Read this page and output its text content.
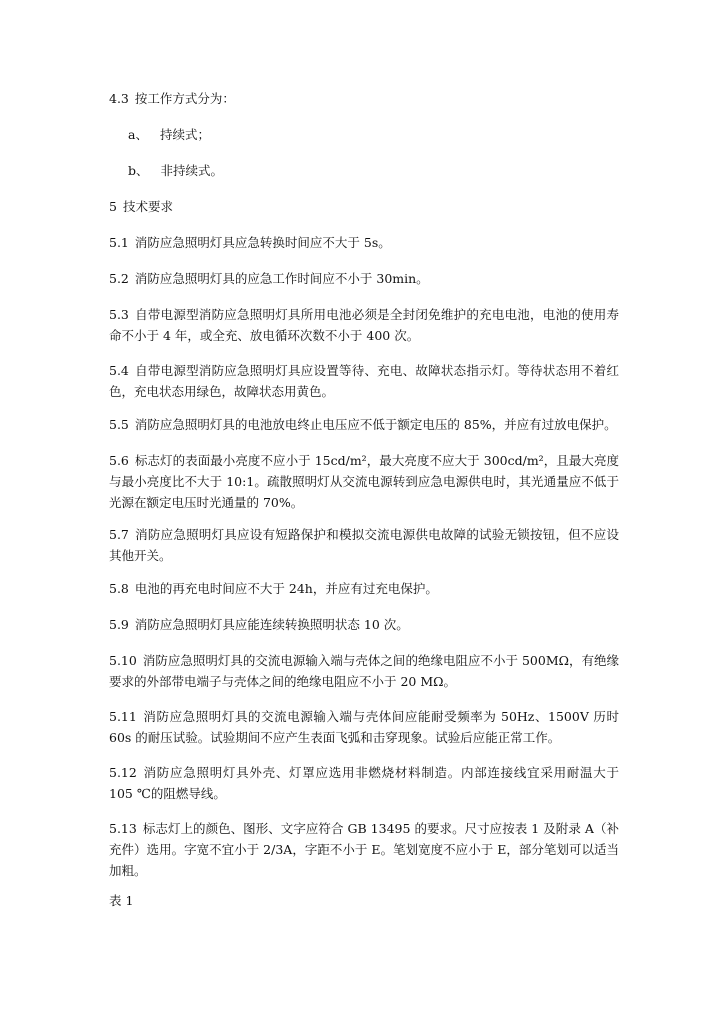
4.3 按工作方式分为：
a、 持续式；
b、 非持续式。
5 技术要求
5.1 消防应急照明灯具应急转换时间应不大于 5s。
5.2 消防应急照明灯具的应急工作时间应不小于 30min。
5.3 自带电源型消防应急照明灯具所用电池必须是全封闭免维护的充电电池，电池的使用寿命不小于 4 年，或全充、放电循环次数不小于 400 次。
5.4 自带电源型消防应急照明灯具应设置等待、充电、故障状态指示灯。等待状态用不着红色，充电状态用绿色，故障状态用黄色。
5.5 消防应急照明灯具的电池放电终止电压应不低于额定电压的 85%，并应有过放电保护。
5.6 标志灯的表面最小亮度不应小于 15cd/m²，最大亮度不应大于 300cd/m²，且最大亮度与最小亮度比不大于 10:1。疏散照明灯从交流电源转到应急电源供电时，其光通量应不低于光源在额定电压时光通量的 70%。
5.7 消防应急照明灯具应设有短路保护和模拟交流电源供电故障的试验无锁按钮，但不应设其他开关。
5.8 电池的再充电时间应不大于 24h，并应有过充电保护。
5.9 消防应急照明灯具应能连续转换照明状态 10 次。
5.10 消防应急照明灯具的交流电源输入端与壳体之间的绝缘电阻应不小于 500MΩ，有绝缘要求的外部带电端子与壳体之间的绝缘电阻应不小于 20 MΩ。
5.11 消防应急照明灯具的交流电源输入端与壳体间应能耐受频率为 50Hz、1500V 历时 60s 的耐压试验。试验期间不应产生表面飞弧和击穿现象。试验后应能正常工作。
5.12 消防应急照明灯具外壳、灯罩应选用非燃烧材料制造。内部连接线宜采用耐温大于 105 ℃的阻燃导线。
5.13 标志灯上的颜色、图形、文字应符合 GB 13495 的要求。尺寸应按表 1 及附录 A（补充件）选用。字宽不宜小于 2/3A，字距不小于 E。笔划宽度不应小于 E，部分笔划可以适当加粗。
表 1
